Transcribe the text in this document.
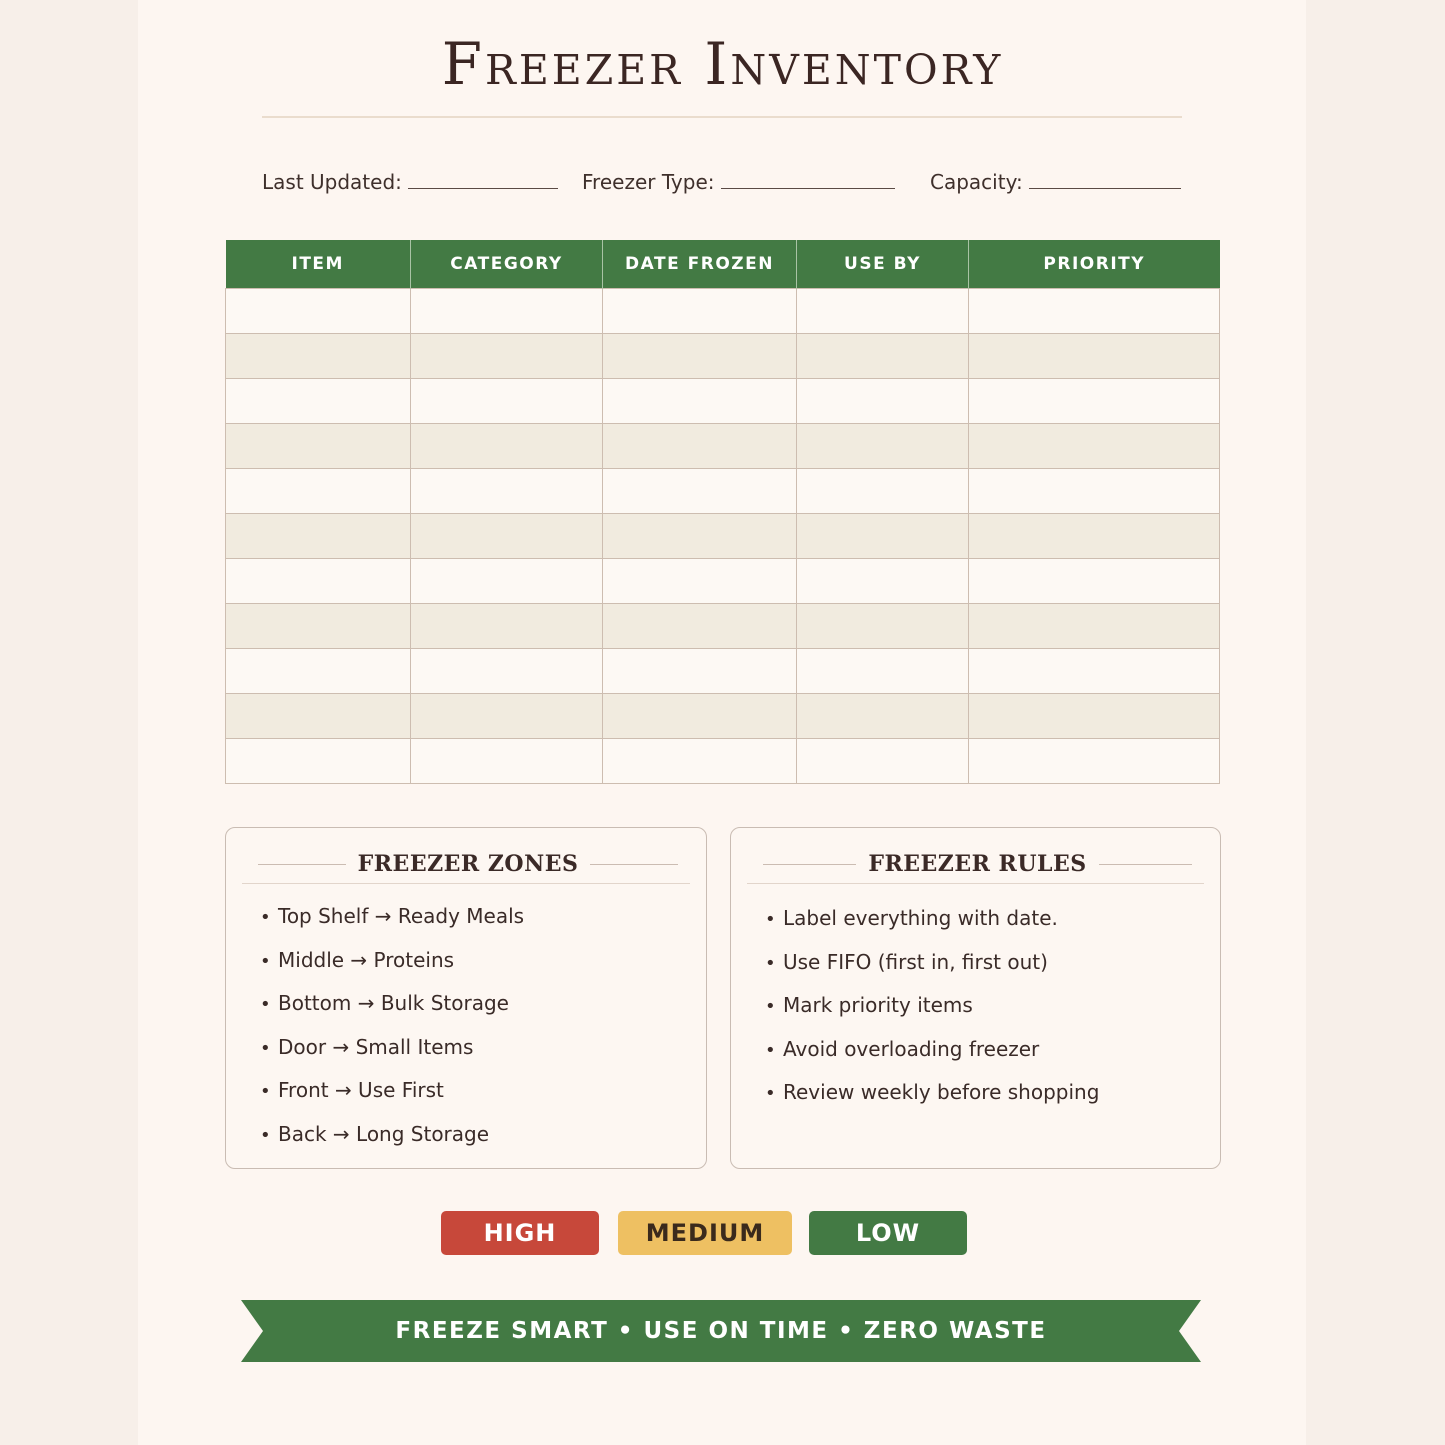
Freezer Inventory
Last Updated:	Freezer Type:	Capacity:
ITEM	CATEGORY	DATE FROZEN	USE BY	PRIORITY

FREEZER ZONES
• Top Shelf → Ready Meals
• Middle → Proteins
• Bottom → Bulk Storage
• Door → Small Items
• Front → Use First
• Back → Long Storage
FREEZER RULES
• Label everything with date.
• Use FIFO (first in, first out)
• Mark priority items
• Avoid overloading freezer
• Review weekly before shopping
HIGH	MEDIUM	LOW
FREEZE SMART • USE ON TIME • ZERO WASTE
